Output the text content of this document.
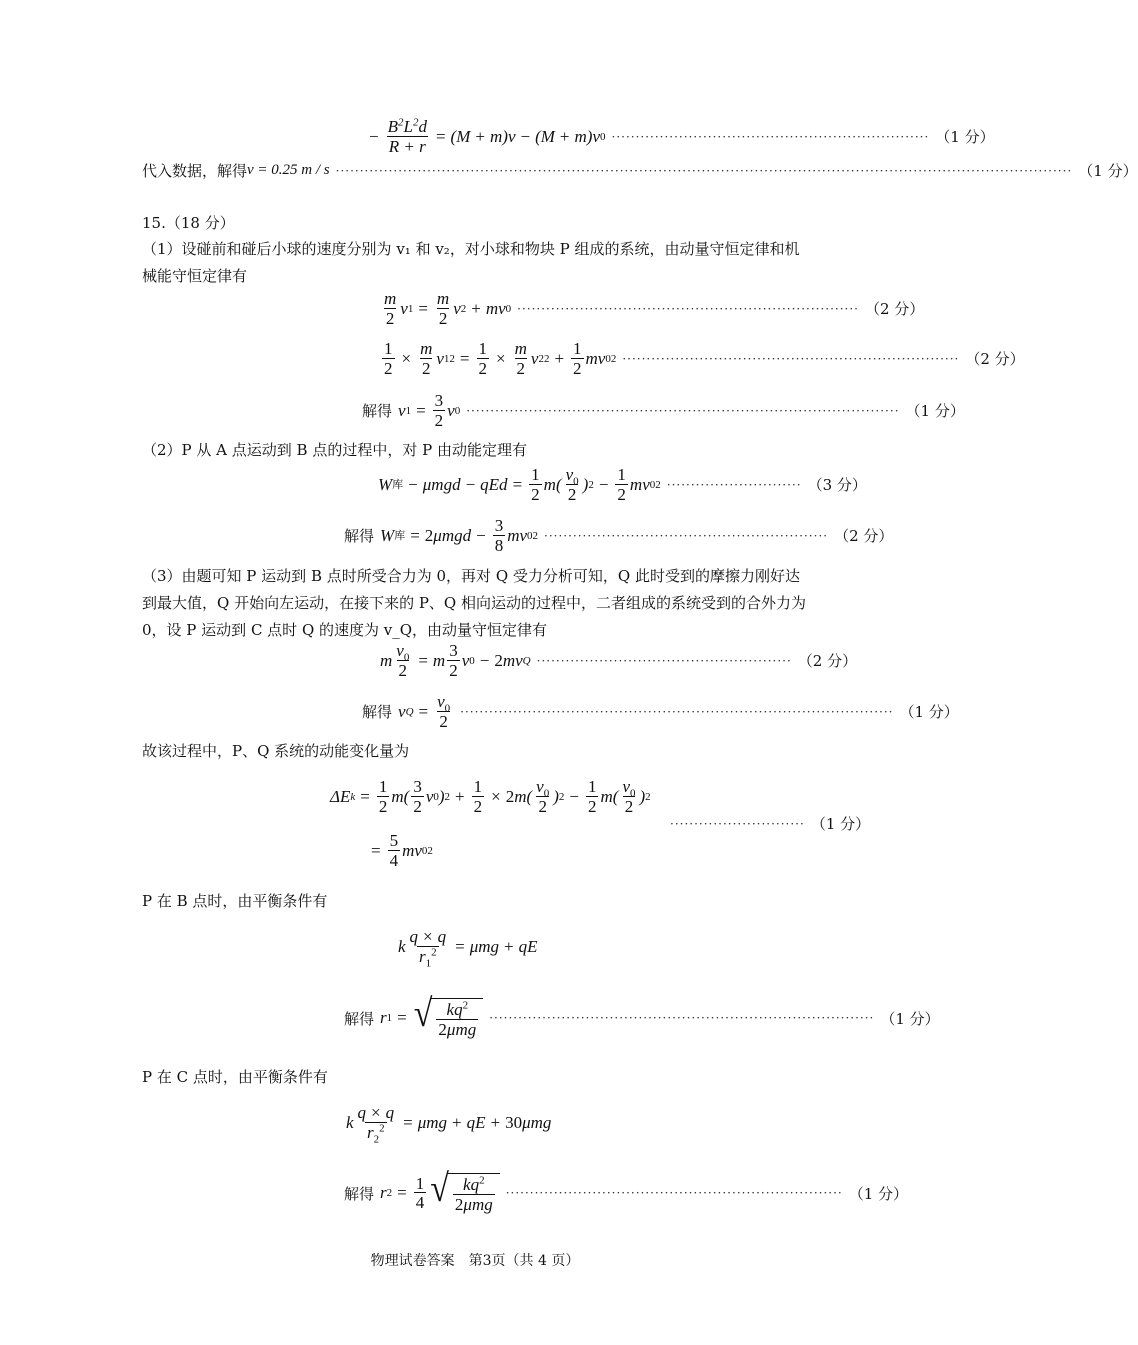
− $\frac{B^2L^2d}{R + r}$ = ( M + m ) v − ( M + m ) v 0 ·································································· （1 分）
代入数据，解得 v = 0.25 m / s ························································································································································· （1 分）
15.（18 分）
（1）设碰前和碰后小球的速度分别为 v₁ 和 v₂，对小球和物块 P 组成的系统，由动量守恒定律和机械能守恒定律有
$\frac{m}{2}$ v $1 = \frac{m}{2}$ v 2 + mv 0 ······································································· （2 分）
$\frac{1}{2} \times \frac{m}{2}$ v 1 $2 = \frac{1}{2} \times \frac{m}{2}$ v 2 $2 + \frac{1}{2}$ mv 0 2 ······································································ （2 分）
解得 v $1 = \frac{3}{2}$ v 0 ·························································································· （1 分）
（2）P 从 A 点运动到 B 点的过程中，对 P 由动能定理有
W 库 − μmgd − qEd = $\frac{1}{2}$ m ( $\frac{v_0}{2}$ ) $2 - \frac{1}{2}$ mv 0 2 ···························· （3 分）
解得 W 库 = 2 $\mu mgd - \frac{3}{8}$ mv 0 2 ··························································· （2 分）
（3）由题可知 P 运动到 B 点时所受合力为 0，再对 Q 受力分析可知，Q 此时受到的摩擦力刚好达到最大值，Q 开始向左运动，在接下来的 P、Q 相向运动的过程中，二者组成的系统受到的合外力为 0，设 P 运动到 C 点时 Q 的速度为 v_Q，由动量守恒定律有
m $\frac{v_0}{2} = m \frac{3}{2}$ v 0 − 2 mv Q ····················································· （2 分）
解得 v $Q = \frac{v_0}{2}$ ·························································································· （1 分）
故该过程中，P、Q 系统的动能变化量为
ΔE $k = \frac{1}{2}$ m ( $\frac{3}{2}$ v 0 ) $2 + \frac{1}{2} \times 2$ m ( $\frac{v_0}{2}$ ) $2 - \frac{1}{2}$ m ( $\frac{v_0}{2}$ ) 2
···························· （1 分）
= $\frac{5}{4}$ mv 0 2
P 在 B 点时，由平衡条件有
k $\frac{q \times q}{r_1^2} = \mu mg$ + qE
解得 r 1 = √ $\frac{kq^2}{\text{2μmg}}$ ················································································ （1 分）
P 在 C 点时，由平衡条件有
k $\frac{q \times q}{r_2^2} = \mu mg$ + qE + 30 μmg
解得 r $2 = \frac{1}{4}$ √ $\frac{kq^2}{\text{2μmg}}$ ······································································ （1 分）
物理试卷答案　第3页（共 4 页）
